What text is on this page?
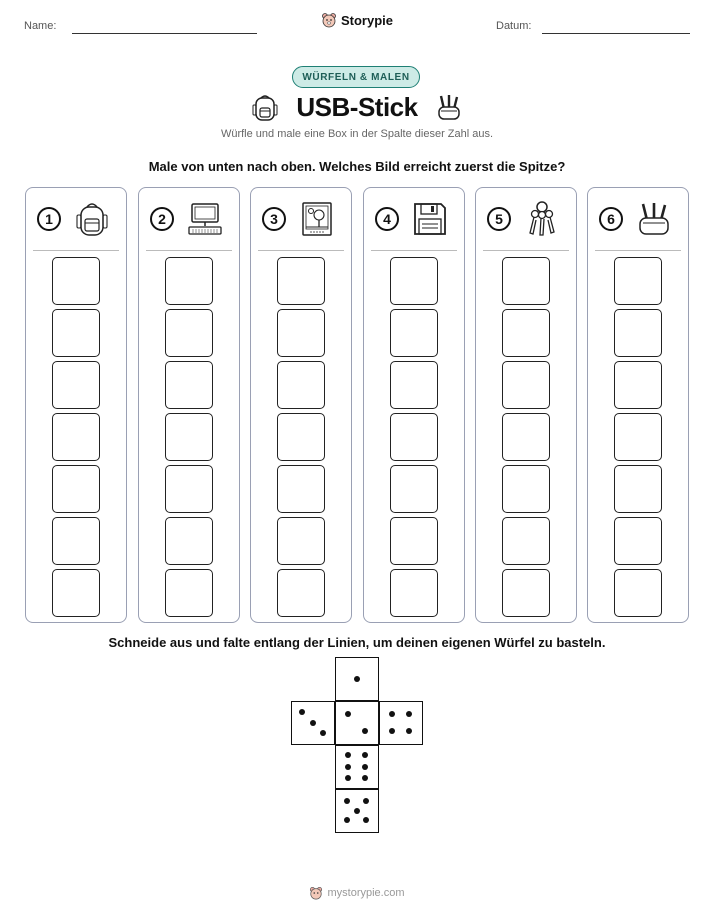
Name:	Storypie	Datum:
WÜRFELN & MALEN
USB-Stick
Würfle und male eine Box in der Spalte dieser Zahl aus.
Male von unten nach oben. Welches Bild erreicht zuerst die Spitze?
1	2	3	4	5	6
Schneide aus und falte entlang der Linien, um deinen eigenen Würfel zu basteln.
mystorypie.com
